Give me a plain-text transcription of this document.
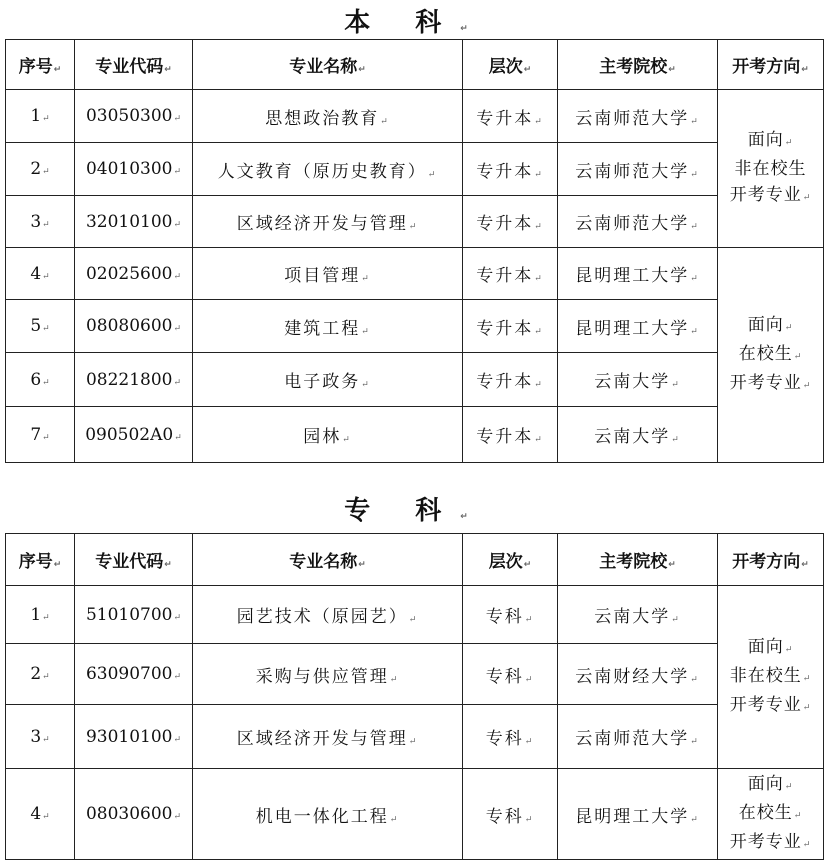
本 科↵
序号↵	专业代码↵	专业名称↵	层次↵	主考院校↵	开考方向↵
1↵	03050300↵	思想政治教育↵	专升本↵	云南师范大学↵	面向↵
非在校生
开考专业↵
2↵	04010300↵	人文教育（原历史教育）↵	专升本↵	云南师范大学↵	
3↵	32010100↵	区域经济开发与管理↵	专升本↵	云南师范大学↵	
4↵	02025600↵	项目管理↵	专升本↵	昆明理工大学↵	面向↵
在校生↵
开考专业↵
5↵	08080600↵	建筑工程↵	专升本↵	昆明理工大学↵	
6↵	08221800↵	电子政务↵	专升本↵	云南大学↵	
7↵	090502A0↵	园林↵	专升本↵	云南大学↵	
专 科↵
序号↵	专业代码↵	专业名称↵	层次↵	主考院校↵	开考方向↵
1↵	51010700↵	园艺技术（原园艺）↵	专科↵	云南大学↵	面向↵
非在校生↵
开考专业↵
2↵	63090700↵	采购与供应管理↵	专科↵	云南财经大学↵	
3↵	93010100↵	区域经济开发与管理↵	专科↵	云南师范大学↵	
4↵	08030600↵	机电一体化工程↵	专科↵	昆明理工大学↵	面向↵
在校生↵
开考专业↵
